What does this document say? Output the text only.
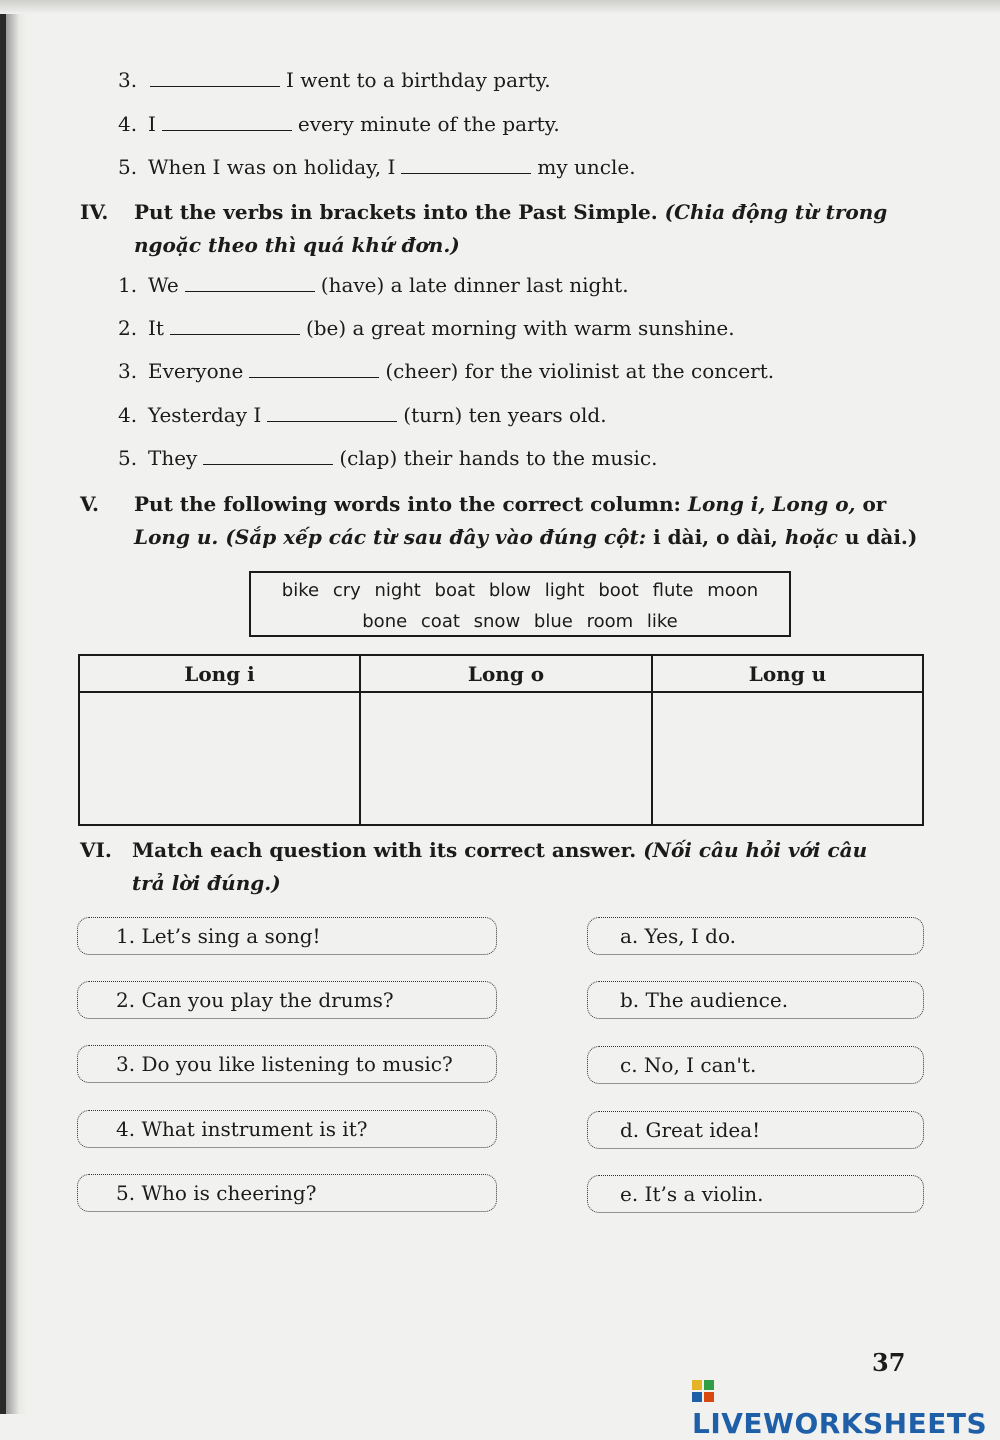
3.	I went to a birthday party.
4. I	every minute of the party.
5. When I was on holiday, I	my uncle.
IV. Put the verbs in brackets into the Past Simple. (Chia động từ trong
ngoặc theo thì quá khứ đơn.)
1. We	(have) a late dinner last night.
2. It	(be) a great morning with warm sunshine.
3. Everyone	(cheer) for the violinist at the concert.
4. Yesterday I	(turn) ten years old.
5. They	(clap) their hands to the music.
V. Put the following words into the correct column: Long i, Long o, or
Long u. (Sắp xếp các từ sau đây vào đúng cột: i dài, o dài, hoặc u dài.)
bike cry night boat blow light boot flute moon
bone coat snow blue room like
Long i	Long o	Long u

VI. Match each question with its correct answer. (Nối câu hỏi với câu
trả lời đúng.)
1. Let’s sing a song!
2. Can you play the drums?
3. Do you like listening to music?
4. What instrument is it?
5. Who is cheering?
a. Yes, I do.
b. The audience.
c. No, I can't.
d. Great idea!
e. It’s a violin.
37
LIVEWORKSHEETS
